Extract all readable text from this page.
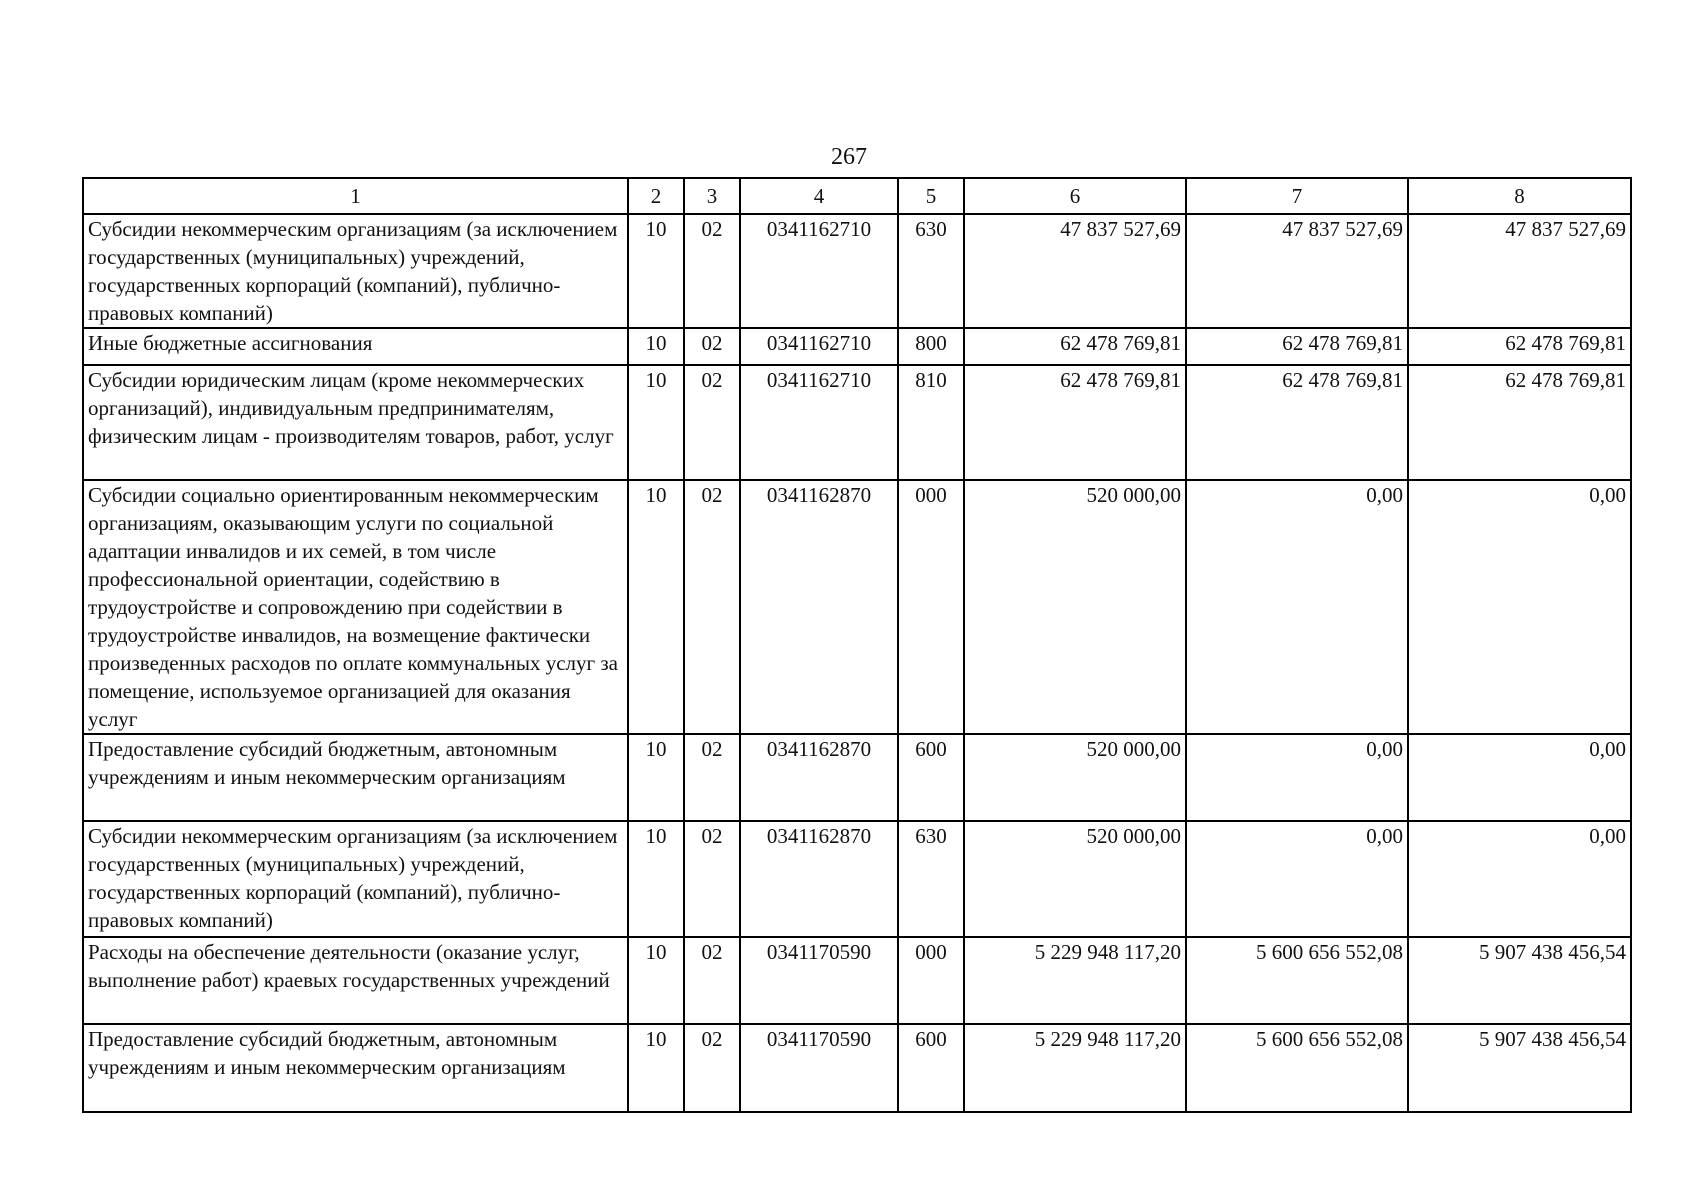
267
1	2	3	4	5	6	7	8
Субсидии некоммерческим организациям (за исключением государственных (муниципальных) учреждений, государственных корпораций (компаний), публично-правовых компаний)	10	02	0341162710	630	47 837 527,69	47 837 527,69	47 837 527,69
Иные бюджетные ассигнования	10	02	0341162710	800	62 478 769,81	62 478 769,81	62 478 769,81
Субсидии юридическим лицам (кроме некоммерческих организаций), индивидуальным предпринимателям, физическим лицам - производителям товаров, работ, услуг	10	02	0341162710	810	62 478 769,81	62 478 769,81	62 478 769,81
Субсидии социально ориентированным некоммерческим организациям, оказывающим услуги по социальной адаптации инвалидов и их семей, в том числе профессиональной ориентации, содействию в трудоустройстве и сопровождению при содействии в трудоустройстве инвалидов, на возмещение фактически произведенных расходов по оплате коммунальных услуг за помещение, используемое организацией для оказания услуг	10	02	0341162870	000	520 000,00	0,00	0,00
Предоставление субсидий бюджетным, автономным учреждениям и иным некоммерческим организациям	10	02	0341162870	600	520 000,00	0,00	0,00
Субсидии некоммерческим организациям (за исключением государственных (муниципальных) учреждений, государственных корпораций (компаний), публично-правовых компаний)	10	02	0341162870	630	520 000,00	0,00	0,00
Расходы на обеспечение деятельности (оказание услуг, выполнение работ) краевых государственных учреждений	10	02	0341170590	000	5 229 948 117,20	5 600 656 552,08	5 907 438 456,54
Предоставление субсидий бюджетным, автономным учреждениям и иным некоммерческим организациям	10	02	0341170590	600	5 229 948 117,20	5 600 656 552,08	5 907 438 456,54
